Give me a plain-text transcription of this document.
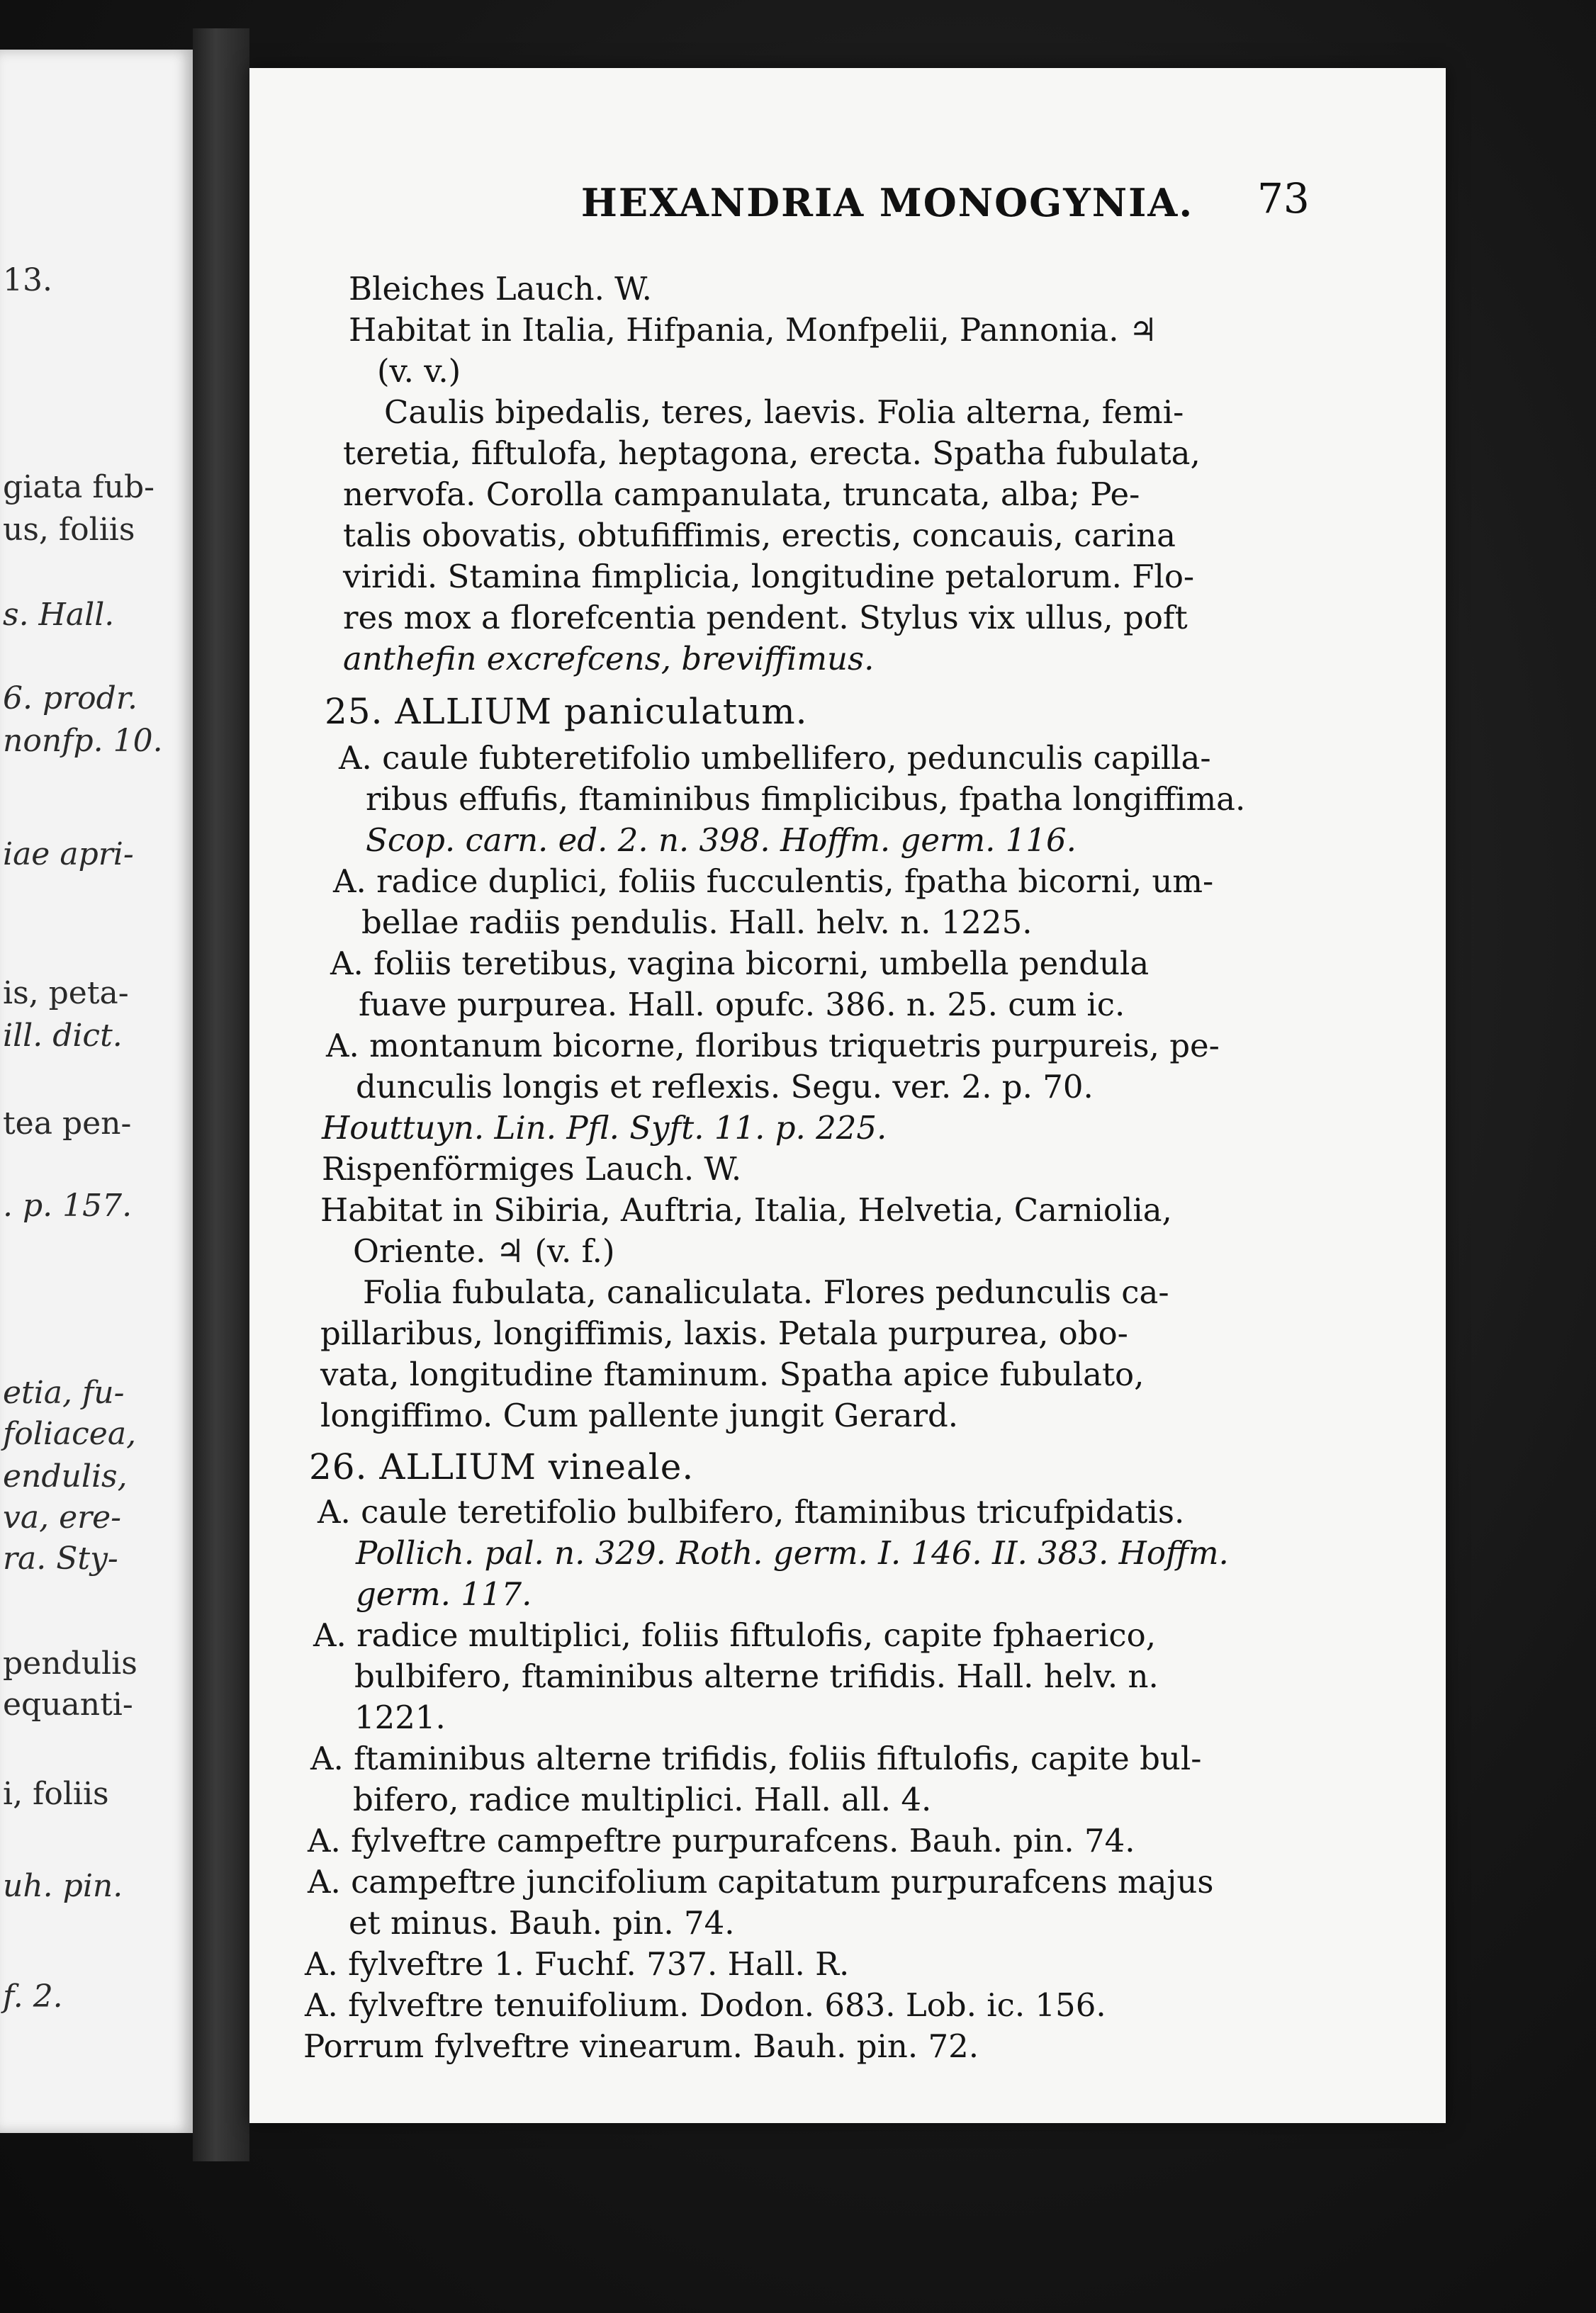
13.
giata fub-
us, foliis
s. Hall.
6. prodr.
nonfp. 10.
iae apri-
is, peta-
ill. dict.
tea pen-
. p. 157.
etia, fu-
foliacea,
endulis,
va, ere-
ra. Sty-
pendulis
equanti-
i, foliis
uh. pin.
f. 2.
HEXANDRIA MONOGYNIA.	73
Bleiches Lauch. W.
Habitat in Italia, Hifpania, Monfpelii, Pannonia. ♃
(v. v.)
Caulis bipedalis, teres, laevis. Folia alterna, femi-
teretia, fiftulofa, heptagona, erecta. Spatha fubulata,
nervofa. Corolla campanulata, truncata, alba; Pe-
talis obovatis, obtufiffimis, erectis, concauis, carina
viridi. Stamina fimplicia, longitudine petalorum. Flo-
res mox a florefcentia pendent. Stylus vix ullus, poft
anthefin excrefcens, breviffimus.
25. ALLIUM paniculatum.
A. caule fubteretifolio umbellifero, pedunculis capilla-
ribus effufis, ftaminibus fimplicibus, fpatha longiffima.
Scop. carn. ed. 2. n. 398. Hoffm. germ. 116.
A. radice duplici, foliis fucculentis, fpatha bicorni, um-
bellae radiis pendulis. Hall. helv. n. 1225.
A. foliis teretibus, vagina bicorni, umbella pendula
fuave purpurea. Hall. opufc. 386. n. 25. cum ic.
A. montanum bicorne, floribus triquetris purpureis, pe-
dunculis longis et reflexis. Segu. ver. 2. p. 70.
Houttuyn. Lin. Pfl. Syft. 11. p. 225.
Rispenförmiges Lauch. W.
Habitat in Sibiria, Auftria, Italia, Helvetia, Carniolia,
Oriente. ♃ (v. f.)
Folia fubulata, canaliculata. Flores pedunculis ca-
pillaribus, longiffimis, laxis. Petala purpurea, obo-
vata, longitudine ftaminum. Spatha apice fubulato,
longiffimo. Cum pallente jungit Gerard.
26. ALLIUM vineale.
A. caule teretifolio bulbifero, ftaminibus tricufpidatis.
Pollich. pal. n. 329. Roth. germ. I. 146. II. 383. Hoffm.
germ. 117.
A. radice multiplici, foliis fiftulofis, capite fphaerico,
bulbifero, ftaminibus alterne trifidis. Hall. helv. n.
1221.
A. ftaminibus alterne trifidis, foliis fiftulofis, capite bul-
bifero, radice multiplici. Hall. all. 4.
A. fylveftre campeftre purpurafcens. Bauh. pin. 74.
A. campeftre juncifolium capitatum purpurafcens majus
et minus. Bauh. pin. 74.
A. fylveftre 1. Fuchf. 737. Hall. R.
A. fylveftre tenuifolium. Dodon. 683. Lob. ic. 156.
Porrum fylveftre vinearum. Bauh. pin. 72.
